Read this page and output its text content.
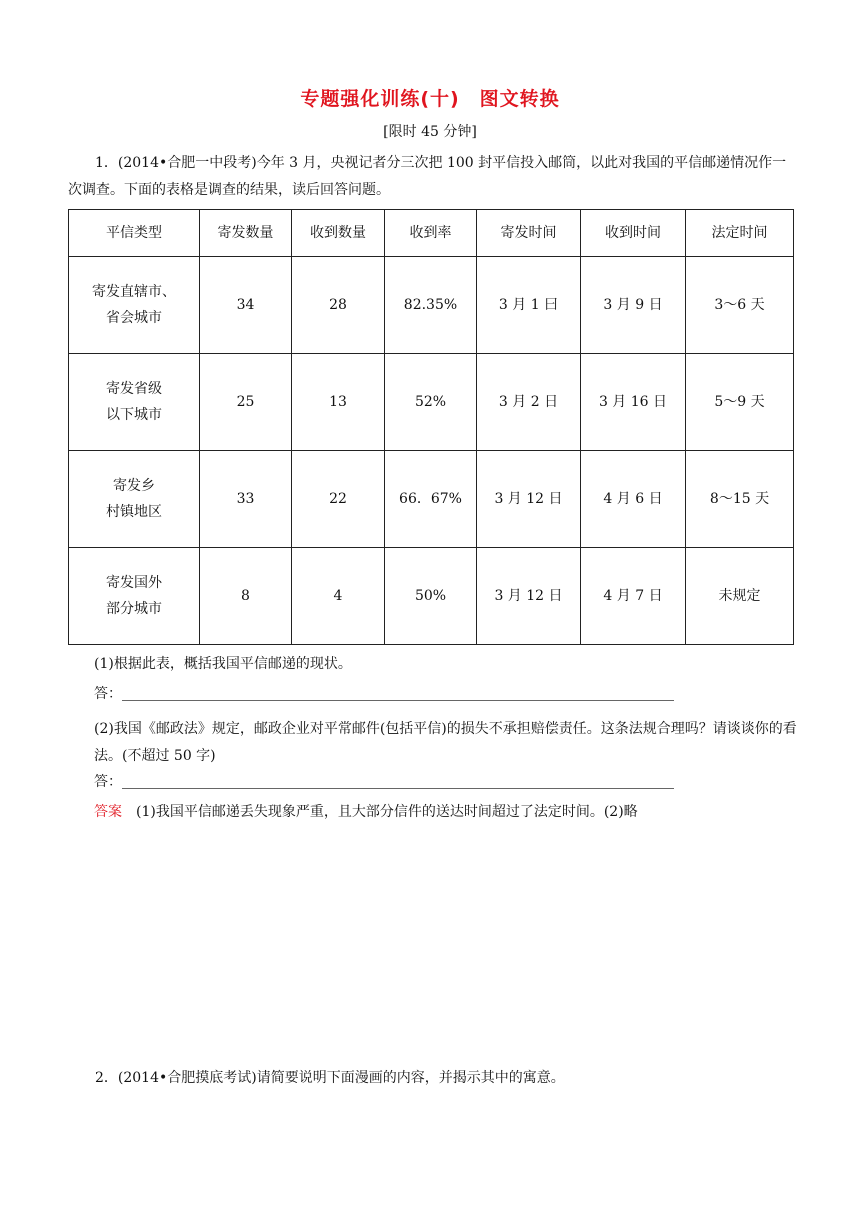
专题强化训练(十)　图文转换
[限时 45 分钟]
1．(2014•合肥一中段考)今年 3 月，央视记者分三次把 100 封平信投入邮筒，以此对我国的平信邮递情况作一次调查。下面的表格是调查的结果，读后回答问题。
平信类型	寄发数量	收到数量	收到率	寄发时间	收到时间	法定时间
寄发直辖市、
省会城市	34	28	82.35%	3 月 1 曰	3 月 9 日	3～6 天
寄发省级
以下城市	25	13	52%	3 月 2 日	3 月 16 日	5～9 天
寄发乡
村镇地区	33	22	66．67%	3 月 12 日	4 月 6 日	8～15 天
寄发国外
部分城市	8	4	50%	3 月 12 日	4 月 7 日	未规定
(1)根据此表，概括我国平信邮递的现状。
答：
(2)我国《邮政法》规定，邮政企业对平常邮件(包括平信)的损失不承担赔偿责任。这条法规合理吗？请谈谈你的看法。(不超过 50 字)
答：
答案 (1)我国平信邮递丢失现象严重，且大部分信件的送达时间超过了法定时间。(2)略
2．(2014•合肥摸底考试)请简要说明下面漫画的内容，并揭示其中的寓意。
